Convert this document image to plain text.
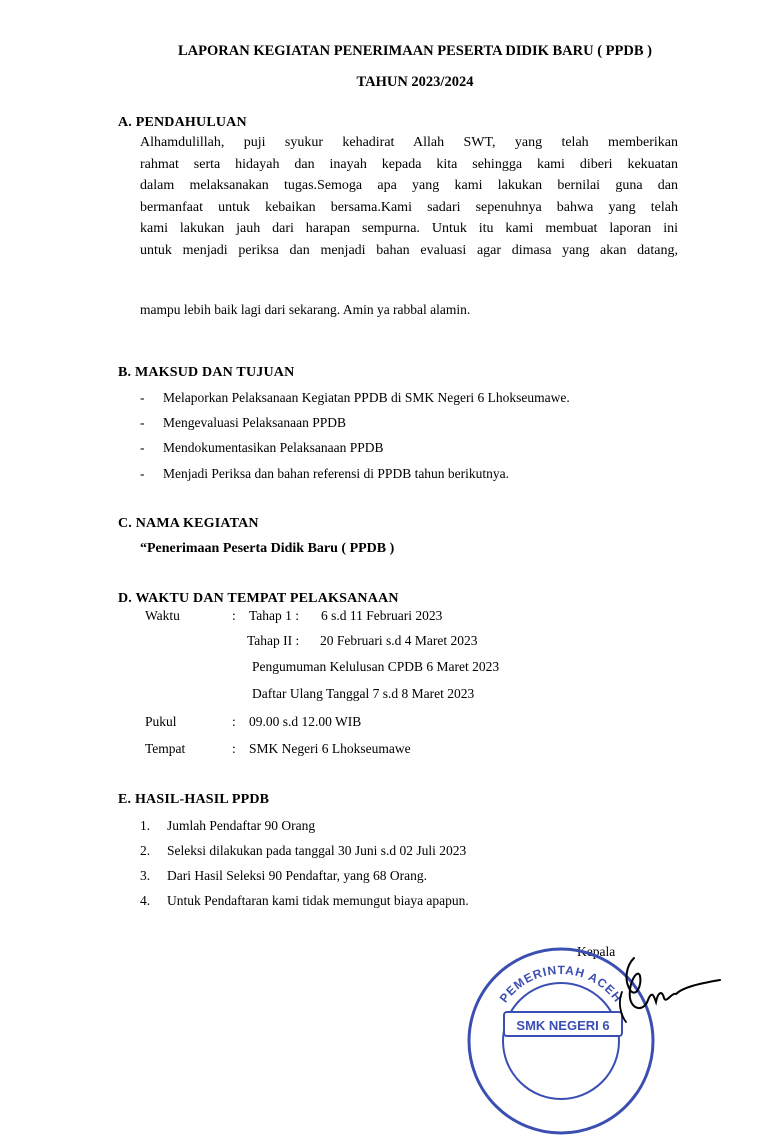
LAPORAN KEGIATAN PENERIMAAN PESERTA DIDIK BARU ( PPDB )
TAHUN 2023/2024
A. PENDAHULUAN
Alhamdulillah, puji syukur kehadirat Allah SWT, yang telah memberikan
rahmat serta hidayah dan inayah kepada kita sehingga kami diberi kekuatan
dalam melaksanakan tugas.Semoga apa yang kami lakukan bernilai guna dan
bermanfaat untuk kebaikan bersama.Kami sadari sepenuhnya bahwa yang telah
kami lakukan jauh dari harapan sempurna. Untuk itu kami membuat laporan ini
untuk menjadi periksa dan menjadi bahan evaluasi agar dimasa yang akan datang,
mampu lebih baik lagi dari sekarang. Amin ya rabbal alamin.
B. MAKSUD DAN TUJUAN
- Melaporkan Pelaksanaan Kegiatan PPDB di SMK Negeri 6 Lhokseumawe.
- Mengevaluasi Pelaksanaan PPDB
- Mendokumentasikan Pelaksanaan PPDB
- Menjadi Periksa dan bahan referensi di PPDB tahun berikutnya.
C. NAMA KEGIATAN
“Penerimaan Peserta Didik Baru ( PPDB )
D. WAKTU DAN TEMPAT PELAKSANAAN
Waktu	: Tahap 1 : 6 s.d 11 Februari 2023
Tahap II : 20 Februari s.d 4 Maret 2023
Pengumuman Kelulusan CPDB 6 Maret 2023
Daftar Ulang Tanggal 7 s.d 8 Maret 2023
Pukul	: 09.00 s.d 12.00 WIB
Tempat	: SMK Negeri 6 Lhokseumawe
E. HASIL-HASIL PPDB
1. Jumlah Pendaftar 90 Orang
2. Seleksi dilakukan pada tanggal 30 Juni s.d 02 Juli 2023
3. Dari Hasil Seleksi 90 Pendaftar, yang 68 Orang.
4. Untuk Pendaftaran kami tidak memungut biaya apapun.
Kepala
PEMERINTAH ACEH
SMK NEGERI 6
